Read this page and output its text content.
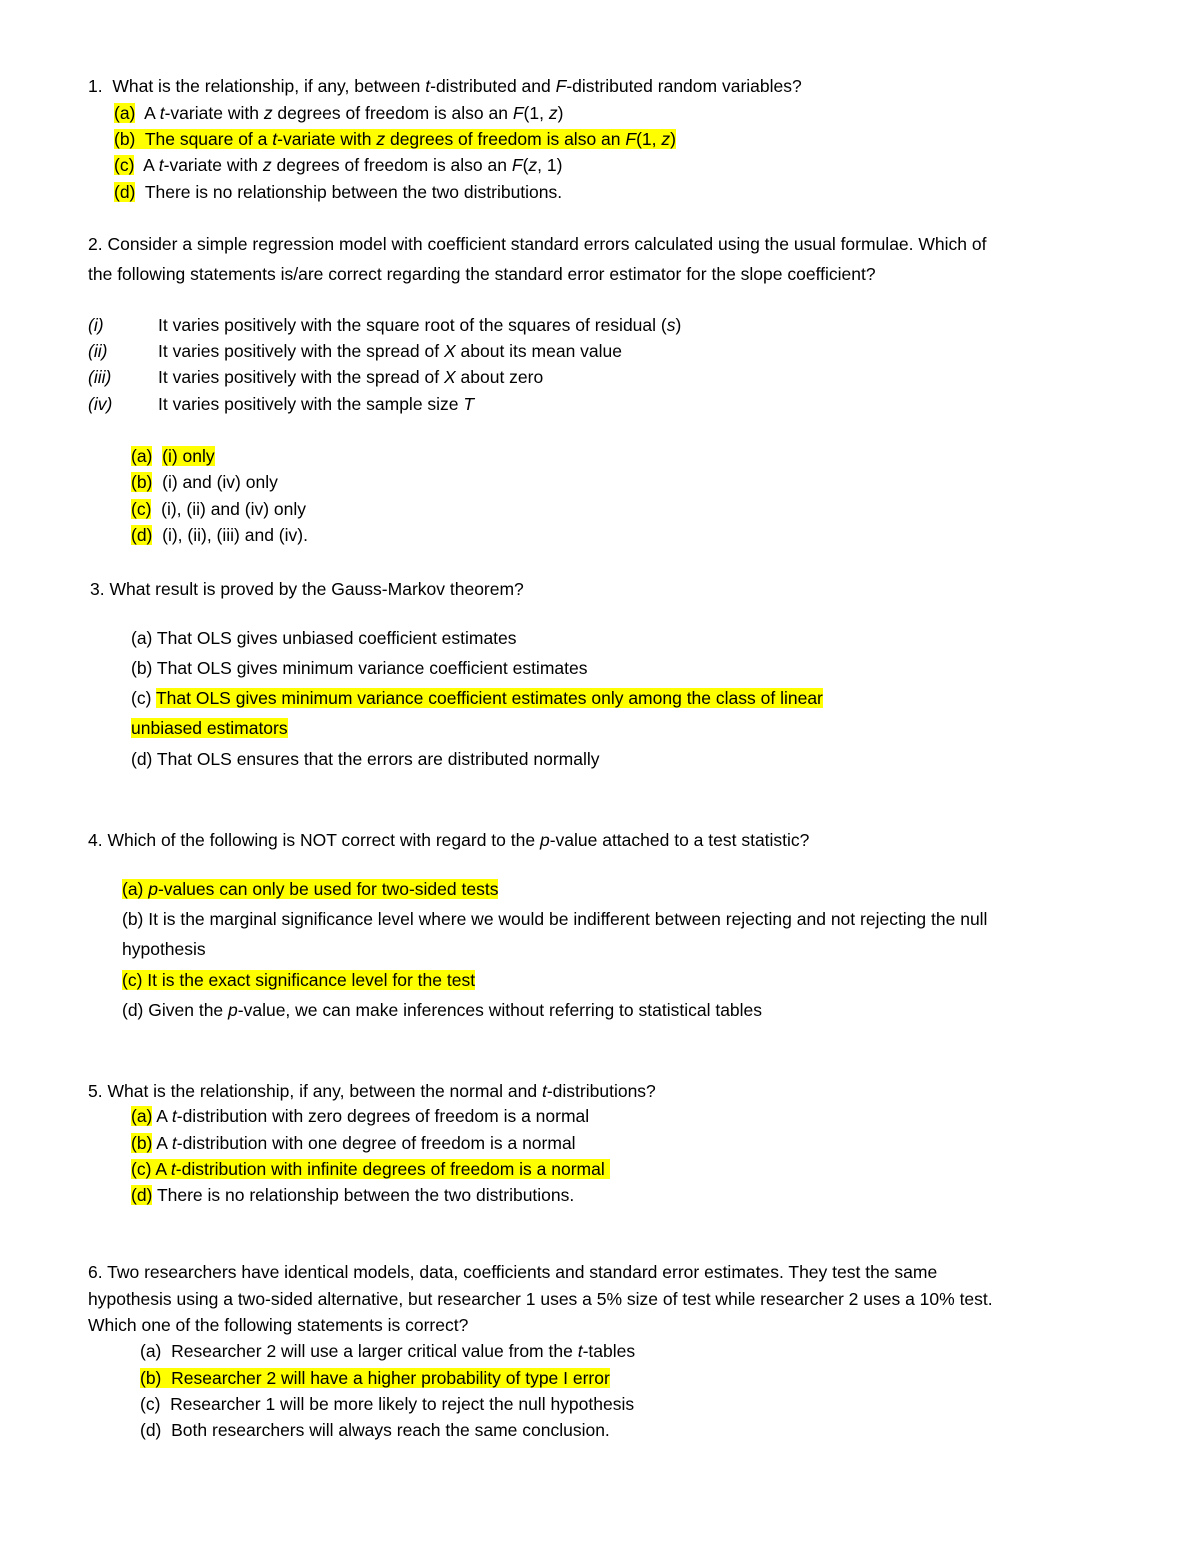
1. What is the relationship, if any, between t-distributed and F-distributed random variables?
(a) A t-variate with z degrees of freedom is also an F(1, z)
(b) The square of a t-variate with z degrees of freedom is also an F(1, z)
(c) A t-variate with z degrees of freedom is also an F(z, 1)
(d) There is no relationship between the two distributions.
2. Consider a simple regression model with coefficient standard errors calculated using the usual formulae. Which of
the following statements is/are correct regarding the standard error estimator for the slope coefficient?
(i)	It varies positively with the square root of the squares of residual (s)
(ii)	It varies positively with the spread of X about its mean value
(iii)	It varies positively with the spread of X about zero
(iv)	It varies positively with the sample size T
(a) (i) only
(b) (i) and (iv) only
(c) (i), (ii) and (iv) only
(d) (i), (ii), (iii) and (iv).
3. What result is proved by the Gauss-Markov theorem?
(a) That OLS gives unbiased coefficient estimates
(b) That OLS gives minimum variance coefficient estimates
(c) That OLS gives minimum variance coefficient estimates only among the class of linear
unbiased estimators
(d) That OLS ensures that the errors are distributed normally
4. Which of the following is NOT correct with regard to the p-value attached to a test statistic?
(a) p-values can only be used for two-sided tests
(b) It is the marginal significance level where we would be indifferent between rejecting and not rejecting the null
hypothesis
(c) It is the exact significance level for the test
(d) Given the p-value, we can make inferences without referring to statistical tables
5. What is the relationship, if any, between the normal and t-distributions?
(a) A t-distribution with zero degrees of freedom is a normal
(b) A t-distribution with one degree of freedom is a normal
(c) A t-distribution with infinite degrees of freedom is a normal
(d) There is no relationship between the two distributions.
6. Two researchers have identical models, data, coefficients and standard error estimates. They test the same
hypothesis using a two-sided alternative, but researcher 1 uses a 5% size of test while researcher 2 uses a 10% test.
Which one of the following statements is correct?
(a) Researcher 2 will use a larger critical value from the t-tables
(b) Researcher 2 will have a higher probability of type I error
(c) Researcher 1 will be more likely to reject the null hypothesis
(d) Both researchers will always reach the same conclusion.
